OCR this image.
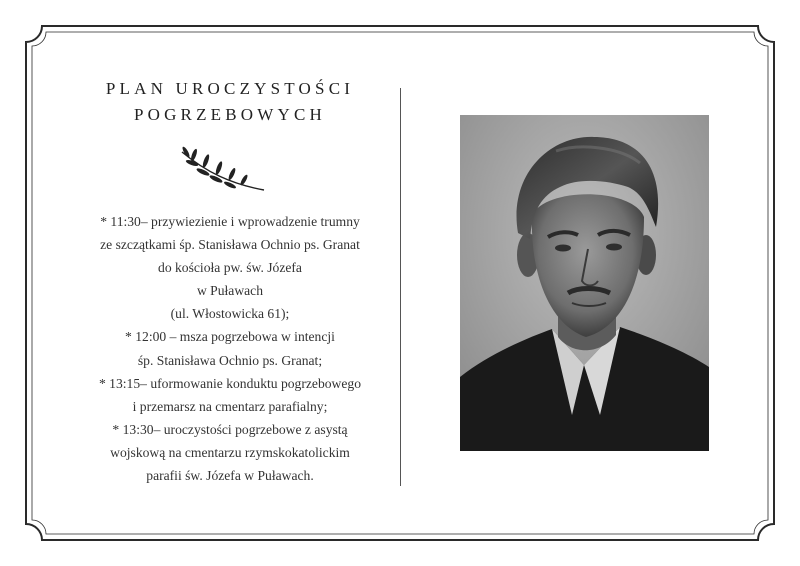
PLAN UROCZYSTOŚCI
POGRZEBOWYCH
* 11:30– przywiezienie i wprowadzenie trumny
ze szczątkami śp. Stanisława Ochnio ps. Granat
do kościoła pw. św. Józefa
w Puławach
(ul. Włostowicka 61);
* 12:00 – msza pogrzebowa w intencji
śp. Stanisława Ochnio ps. Granat;
* 13:15– uformowanie konduktu pogrzebowego
i przemarsz na cmentarz parafialny;
* 13:30– uroczystości pogrzebowe z asystą
wojskową na cmentarzu rzymskokatolickim
parafii św. Józefa w Puławach.
